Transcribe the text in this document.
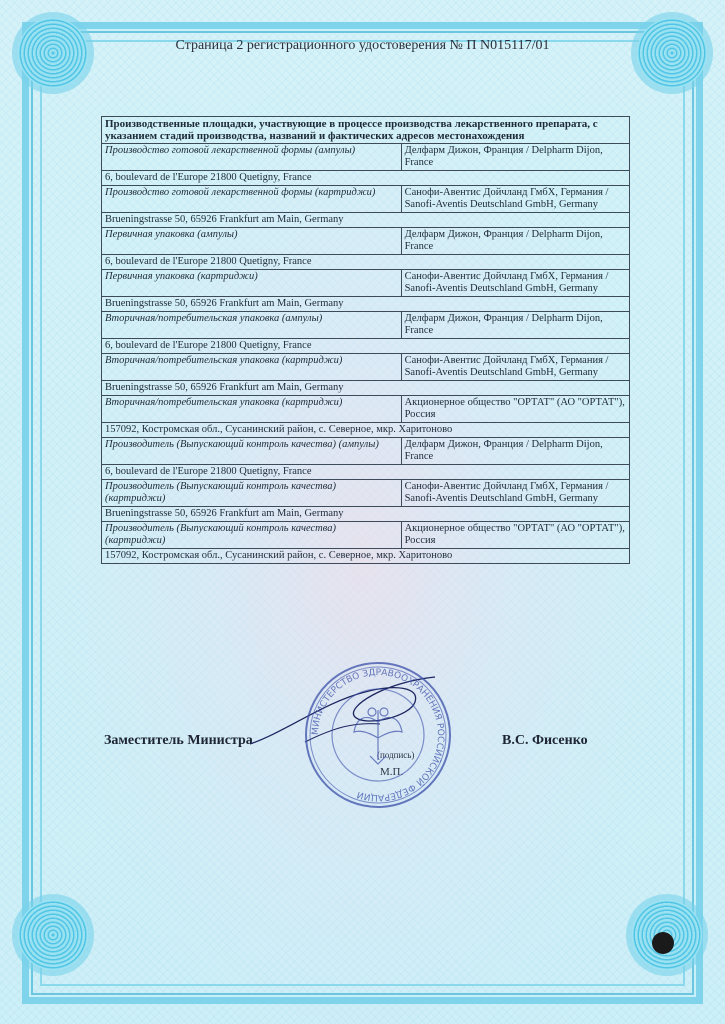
Страница 2 регистрационного удостоверения № П N015117/01
Производственные площадки, участвующие в процессе производства лекарственного препарата, с указанием стадий производства, названий и фактических адресов местонахождения	
Производство готовой лекарственной формы (ампулы)	Делфарм Дижон, Франция / Delpharm Dijon, France
6, boulevard de l'Europe 21800 Quetigny, France	
Производство готовой лекарственной формы (картриджи)	Санофи-Авентис Дойчланд ГмбХ, Германия / Sanofi-Aventis Deutschland GmbH, Germany
Brueningstrasse 50, 65926 Frankfurt am Main, Germany	
Первичная упаковка (ампулы)	Делфарм Дижон, Франция / Delpharm Dijon, France
6, boulevard de l'Europe 21800 Quetigny, France	
Первичная упаковка (картриджи)	Санофи-Авентис Дойчланд ГмбХ, Германия / Sanofi-Aventis Deutschland GmbH, Germany
Brueningstrasse 50, 65926 Frankfurt am Main, Germany	
Вторичная/потребительская упаковка (ампулы)	Делфарм Дижон, Франция / Delpharm Dijon, France
6, boulevard de l'Europe 21800 Quetigny, France	
Вторичная/потребительская упаковка (картриджи)	Санофи-Авентис Дойчланд ГмбХ, Германия / Sanofi-Aventis Deutschland GmbH, Germany
Brueningstrasse 50, 65926 Frankfurt am Main, Germany	
Вторичная/потребительская упаковка (картриджи)	Акционерное общество "ОРТАТ" (АО "ОРТАТ"), Россия
157092, Костромская обл., Сусанинский район, с. Северное, мкр. Харитоново	
Производитель (Выпускающий контроль качества) (ампулы)	Делфарм Дижон, Франция / Delpharm Dijon, France
6, boulevard de l'Europe 21800 Quetigny, France	
Производитель (Выпускающий контроль качества) (картриджи)	Санофи-Авентис Дойчланд ГмбХ, Германия / Sanofi-Aventis Deutschland GmbH, Germany
Brueningstrasse 50, 65926 Frankfurt am Main, Germany	
Производитель (Выпускающий контроль качества) (картриджи)	Акционерное общество "ОРТАТ" (АО "ОРТАТ"), Россия
157092, Костромская обл., Сусанинский район, с. Северное, мкр. Харитоново	
Заместитель Министра	В.С. Фисенко
(подпись)
М.П.
МИНИСТЕРСТВО ЗДРАВООХРАНЕНИЯ РОССИЙСКОЙ ФЕДЕРАЦИИ
